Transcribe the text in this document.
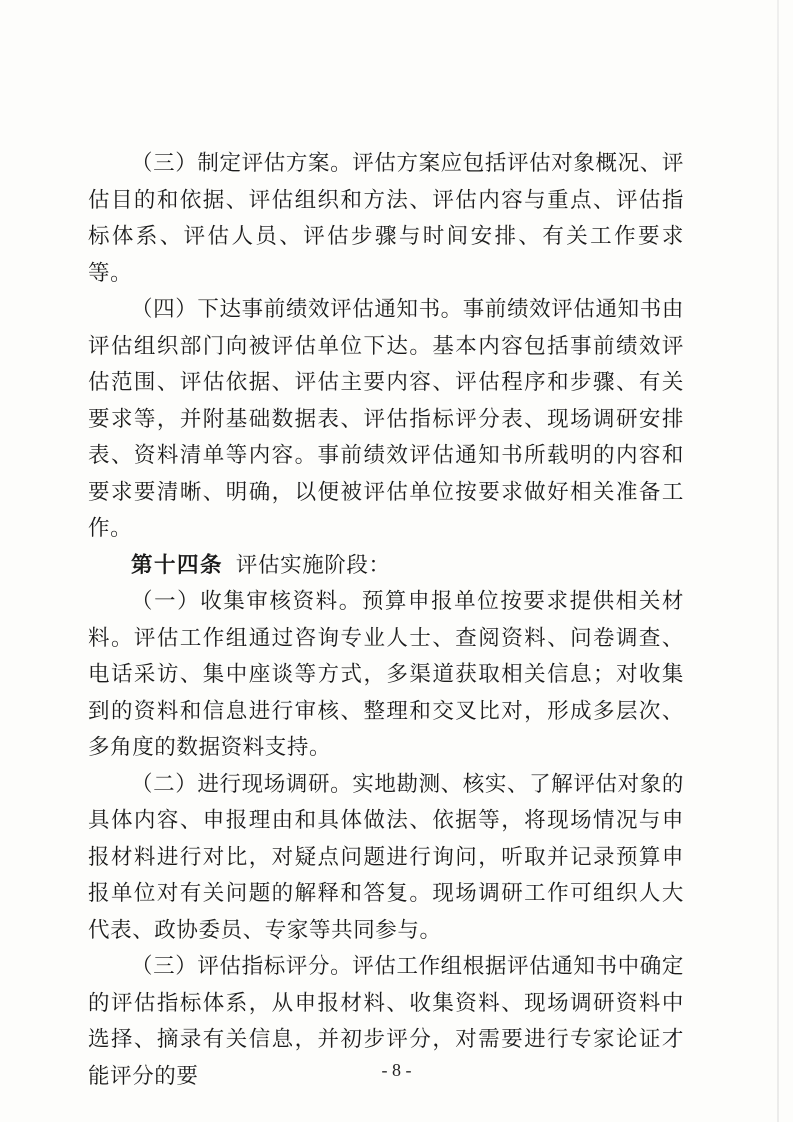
（三）制定评估方案。评估方案应包括评估对象概况、评估目的和依据、评估组织和方法、评估内容与重点、评估指标体系、评估人员、评估步骤与时间安排、有关工作要求等。

（四）下达事前绩效评估通知书。事前绩效评估通知书由评估组织部门向被评估单位下达。基本内容包括事前绩效评估范围、评估依据、评估主要内容、评估程序和步骤、有关要求等，并附基础数据表、评估指标评分表、现场调研安排表、资料清单等内容。事前绩效评估通知书所载明的内容和要求要清晰、明确，以便被评估单位按要求做好相关准备工作。

第十四条 评估实施阶段：

（一）收集审核资料。预算申报单位按要求提供相关材料。评估工作组通过咨询专业人士、查阅资料、问卷调查、电话采访、集中座谈等方式，多渠道获取相关信息；对收集到的资料和信息进行审核、整理和交叉比对，形成多层次、多角度的数据资料支持。

（二）进行现场调研。实地勘测、核实、了解评估对象的具体内容、申报理由和具体做法、依据等，将现场情况与申报材料进行对比，对疑点问题进行询问，听取并记录预算申报单位对有关问题的解释和答复。现场调研工作可组织人大代表、政协委员、专家等共同参与。

（三）评估指标评分。评估工作组根据评估通知书中确定的评估指标体系，从申报材料、收集资料、现场调研资料中选择、摘录有关信息，并初步评分，对需要进行专家论证才能评分的要	- 8 -
